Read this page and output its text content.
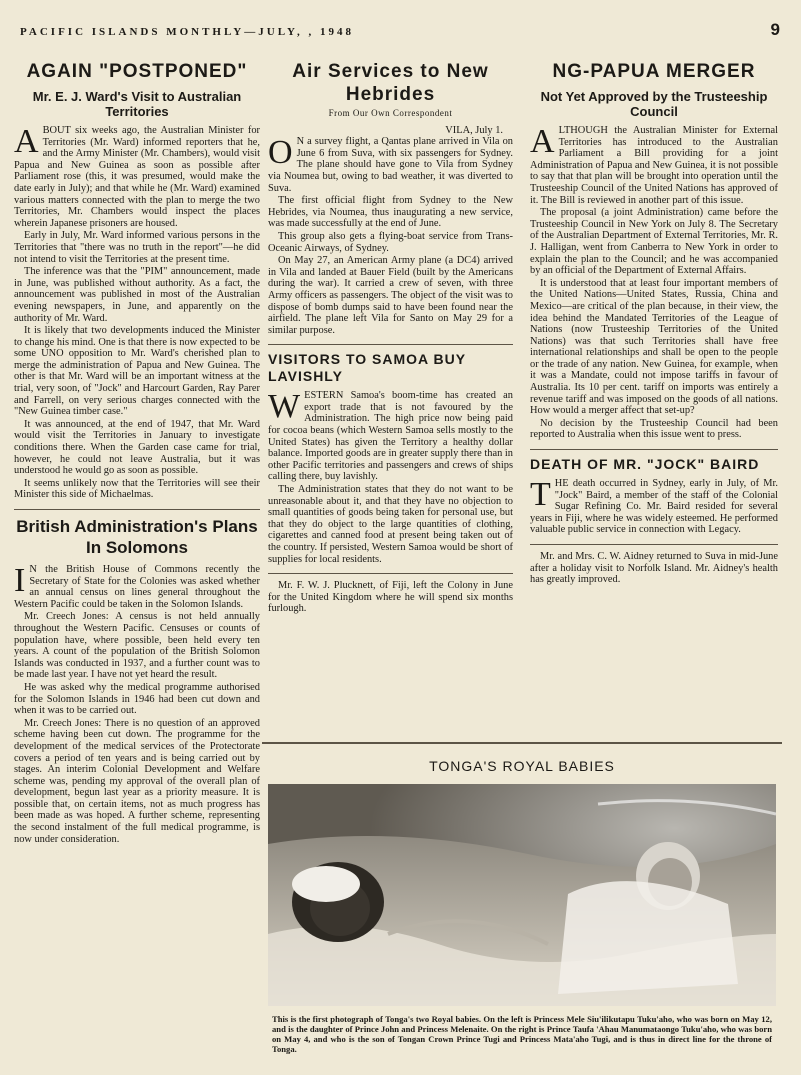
PACIFIC ISLANDS MONTHLY—JULY, , 1948	9
AGAIN "POSTPONED"
Mr. E. J. Ward's Visit to Australian Territories

ABOUT six weeks ago, the Australian Minister for Territories (Mr. Ward) informed reporters that he, and the Army Minister (Mr. Chambers), would visit Papua and New Guinea as soon as possible after Parliament rose (this, it was presumed, would make the date early in July); and that while he (Mr. Ward) examined various matters connected with the plan to merge the two Territories, Mr. Chambers would inspect the places wherein Japanese prisoners are housed.

Early in July, Mr. Ward informed various persons in the Territories that "there was no truth in the report"—he did not intend to visit the Territories at the present time.

The inference was that the "PIM" announcement, made in June, was published without authority. As a fact, the announcement was published in most of the Australian evening newspapers, in June, and apparently on the authority of Mr. Ward.

It is likely that two developments induced the Minister to change his mind. One is that there is now expected to be some UNO opposition to Mr. Ward's cherished plan to merge the administration of Papua and New Guinea. The other is that Mr. Ward will be an important witness at the trial, very soon, of "Jock" and Harcourt Garden, Ray Parer and Farrell, on very serious charges connected with the "New Guinea timber case."

It was announced, at the end of 1947, that Mr. Ward would visit the Territories in January to investigate conditions there. When the Garden case came for trial, however, he could not leave Australia, but it was understood he would go as soon as possible.

It seems unlikely now that the Territories will see their Minister this side of Michaelmas.

British Administration's Plans In Solomons

I N the British House of Commons recently the Secretary of State for the Colonies was asked whether an annual census on lines general throughout the Western Pacific could be taken in the Solomon Islands.

Mr. Creech Jones: A census is not held annually throughout the Western Pacific. Censuses or counts of population have, where possible, been held every ten years. A count of the population of the British Solomon Islands was conducted in 1937, and a further count was to be made last year. I have not yet heard the result.

He was asked why the medical programme authorised for the Solomon Islands in 1946 had been cut down and when it was to be carried out.

Mr. Creech Jones: There is no question of an approved scheme having been cut down. The programme for the development of the medical services of the Protectorate covers a period of ten years and is being carried out by stages. An interim Colonial Development and Welfare scheme was, pending my approval of the overall plan of development, begun last year as a priority measure. It is possible that, on certain items, not as much progress has been made as was hoped. A further scheme, representing the second instalment of the full medical programme, is now under consideration.

Air Services to New Hebrides
From Our Own Correspondent
VILA, July 1.

O N a survey flight, a Qantas plane arrived in Vila on June 6 from Suva, with six passengers for Sydney. The plane should have gone to Vila from Sydney via Noumea but, owing to bad weather, it was diverted to Suva.

The first official flight from Sydney to the New Hebrides, via Noumea, thus inaugurating a new service, was made successfully at the end of June.

This group also gets a flying-boat service from Trans-Oceanic Airways, of Sydney.

On May 27, an American Army plane (a DC4) arrived in Vila and landed at Bauer Field (built by the Americans during the war). It carried a crew of seven, with three Army officers as passengers. The object of the visit was to dispose of bomb dumps said to have been found near the airfield. The plane left Vila for Santo on May 29 for a similar purpose.

VISITORS TO SAMOA BUY LAVISHLY

WESTERN Samoa's boom-time has created an export trade that is not favoured by the Administration. The high price now being paid for cocoa beans (which Western Samoa sells mostly to the United States) has given the Territory a healthy dollar balance. Imported goods are in greater supply there than in other Pacific territories and passengers and crews of ships calling there, buy lavishly.

The Administration states that they do not want to be unreasonable about it, and that they have no objection to small quantities of goods being taken for personal use, but that they do object to the large quantities of clothing, cigarettes and canned food at present being taken out of the country. If persisted, Western Samoa would be short of supplies for local residents.

Mr. F. W. J. Plucknett, of Fiji, left the Colony in June for the United Kingdom where he will spend six months furlough.

NG-PAPUA MERGER
Not Yet Approved by the Trusteeship Council

ALTHOUGH the Australian Minister for External Territories has introduced to the Australian Parliament a Bill providing for a joint Administration of Papua and New Guinea, it is not possible to say that that plan will be brought into operation until the Trusteeship Council of the United Nations has approved of it. The Bill is reviewed in another part of this issue.

The proposal (a joint Administration) came before the Trusteeship Council in New York on July 8. The Secretary of the Australian Department of External Territories, Mr. R. J. Halligan, went from Canberra to New York in order to explain the plan to the Council; and he was accompanied by an official of the Department of External Affairs.

It is understood that at least four important members of the United Nations—United States, Russia, China and Mexico—are critical of the plan because, in their view, the idea behind the Mandated Territories of the League of Nations (now Trusteeship Territories of the United Nations) was that such Territories shall have free international relationships and shall be open to the people or the trade of any nation. New Guinea, for example, when it was a Mandate, could not impose tariffs in favour of Australia. Its 10 per cent. tariff on imports was entirely a revenue tariff and was imposed on the goods of all nations. How would a merger affect that set-up?

No decision by the Trusteeship Council had been reported to Australia when this issue went to press.

DEATH OF MR. "JOCK" BAIRD

THE death occurred in Sydney, early in July, of Mr. "Jock" Baird, a member of the staff of the Colonial Sugar Refining Co. Mr. Baird resided for several years in Fiji, where he was widely esteemed. He performed valuable public service in connection with Legacy.

Mr. and Mrs. C. W. Aidney returned to Suva in mid-June after a holiday visit to Norfolk Island. Mr. Aidney's health has greatly improved.

TONGA'S ROYAL BABIES
This is the first photograph of Tonga's two Royal babies. On the left is Princess Mele Siu'ilikutapu Tuku'aho, who was born on May 12, and is the daughter of Prince John and Princess Melenaite. On the right is Prince Taufa 'Ahau Manumataongo Tuku'aho, who was born on May 4, and who is the son of Tongan Crown Prince Tugi and Princess Mata'aho Tugi, and is thus in direct line for the throne of Tonga.
